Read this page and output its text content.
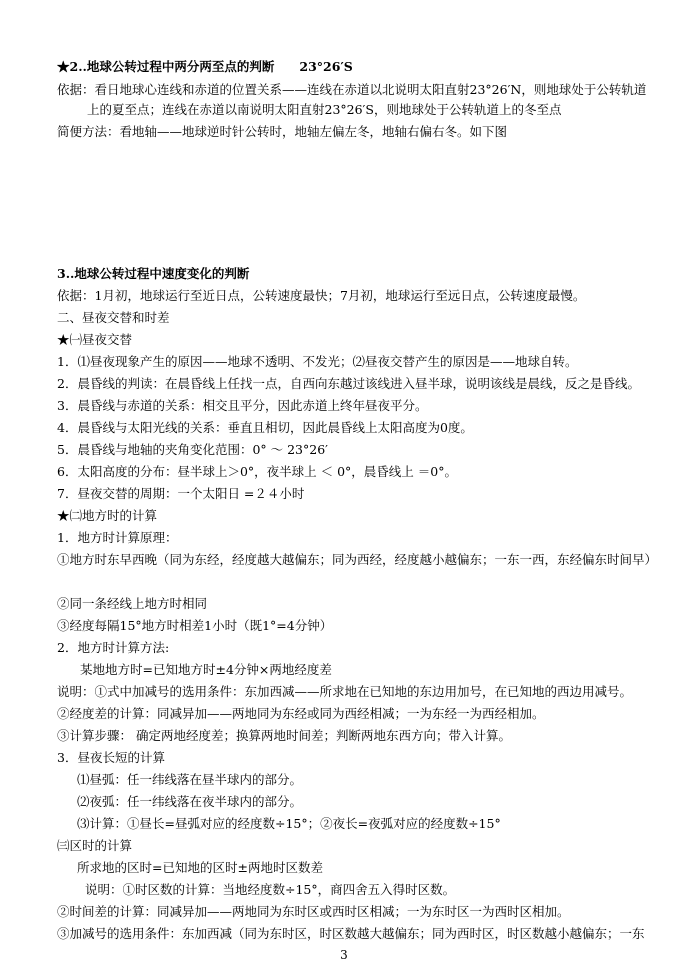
★2..地球公转过程中两分两至点的判断　　23°26′S
依据：看日地球心连线和赤道的位置关系——连线在赤道以北说明太阳直射23°26′N，则地球处于公转轨道
上的夏至点；连线在赤道以南说明太阳直射23°26′S，则地球处于公转轨道上的冬至点
简便方法：看地轴——地球逆时针公转时，地轴左偏左冬，地轴右偏右冬。如下图
3..地球公转过程中速度变化的判断
依据：1月初，地球运行至近日点，公转速度最快；7月初，地球运行至远日点，公转速度最慢。
二、昼夜交替和时差
★㈠昼夜交替
1．⑴昼夜现象产生的原因——地球不透明、不发光；⑵昼夜交替产生的原因是——地球自转。
2．晨昏线的判读：在晨昏线上任找一点，自西向东越过该线进入昼半球，说明该线是晨线，反之是昏线。
3．晨昏线与赤道的关系：相交且平分，因此赤道上终年昼夜平分。
4．晨昏线与太阳光线的关系：垂直且相切，因此晨昏线上太阳高度为0度。
5．晨昏线与地轴的夹角变化范围：0° ～ 23°26′
6．太阳高度的分布：昼半球上＞0°，夜半球上 ＜ 0°，晨昏线上 ＝0°。
7．昼夜交替的周期：一个太阳日 =２４小时
★㈡地方时的计算
1．地方时计算原理：
①地方时东早西晚（同为东经，经度越大越偏东；同为西经，经度越小越偏东；一东一西，东经偏东时间早）
②同一条经线上地方时相同
③经度每隔15°地方时相差1小时（既1°=4分钟）
2．地方时计算方法:
某地地方时=已知地方时±4分钟×两地经度差
说明：①式中加减号的选用条件：东加西减——所求地在已知地的东边用加号，在已知地的西边用减号。
②经度差的计算：同减异加——两地同为东经或同为西经相减；一为东经一为西经相加。
③计算步骤： 确定两地经度差；换算两地时间差；判断两地东西方向；带入计算。
3．昼夜长短的计算
⑴昼弧：任一纬线落在昼半球内的部分。
⑵夜弧：任一纬线落在夜半球内的部分。
⑶计算：①昼长=昼弧对应的经度数÷15°；②夜长=夜弧对应的经度数÷15°
㈢区时的计算
所求地的区时=已知地的区时±两地时区数差
说明：①时区数的计算：当地经度数÷15°，商四舍五入得时区数。
②时间差的计算：同减异加——两地同为东时区或西时区相减；一为东时区一为西时区相加。
③加减号的选用条件：东加西减（同为东时区，时区数越大越偏东；同为西时区，时区数越小越偏东；一东
3
